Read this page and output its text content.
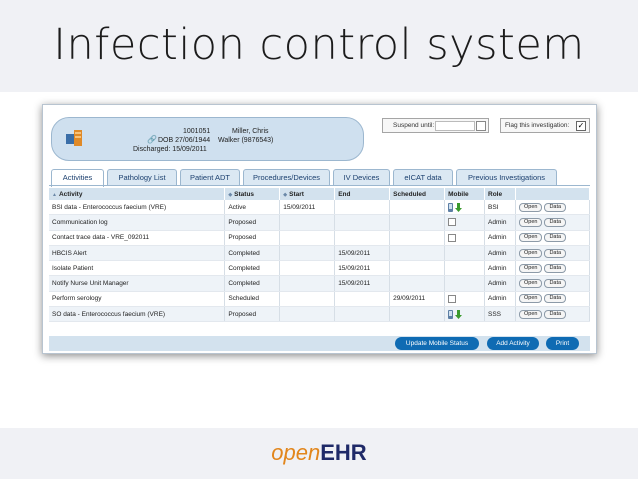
Infection control system
1001051	Miller, Chris
🔗 DOB 27/06/1944 Walker (9876543)
Discharged: 15/09/2011
Suspend until:	Flag this investigation: ✓
Activities	Pathology List	Patient ADT	Procedures/Devices	IV Devices	eICAT data	Previous Investigations
▲ Activity	◆ Status	◆ Start	End	Scheduled	Mobile	Role	
BSI data - Enterococcus faecium (VRE)	Active	15/09/2011				BSI	Open Data
Communication log	Proposed					Admin	Open Data
Contact trace data - VRE_092011	Proposed					Admin	Open Data
HBCIS Alert	Completed		15/09/2011			Admin	Open Data
Isolate Patient	Completed		15/09/2011			Admin	Open Data
Notify Nurse Unit Manager	Completed		15/09/2011			Admin	Open Data
Perform serology	Scheduled			29/09/2011		Admin	Open Data
SO data - Enterococcus faecium (VRE)	Proposed					SSS	Open Data
Update Mobile Status	Add Activity	Print
openEHR
